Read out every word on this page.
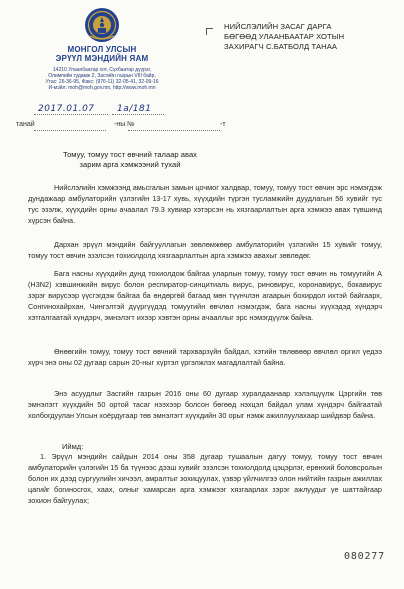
МОНГОЛ УЛСЫН
ЭРҮҮЛ МЭНДИЙН ЯАМ
14210 Улаанбаатар хот, Сүхбаатар дүүрэг,
Олимпийн гудамж 2, Засгийн газрын VIII байр,
Утас: 26-36-95, Факс: (976-11) 32-05-41, 32-09-16
И-мэйл: moh@moh.gov.mn, http://www.moh.mn
НИЙСЛЭЛИЙН ЗАСАГ ДАРГА
БӨГӨӨД УЛААНБААТАР ХОТЫН
ЗАХИРАГЧ С.БАТБОЛД ТАНАА
2017.01.07 1а/181
танай	-ны №	-т
Томуу, томуу тост өвчний талаар авах
зарим арга хэмжээний тухай

Нийслэлийн хэмжээнд амьсгалын замын цочмог халдвар, томуу, томуу тост өвчин эрс нэмэгдэж дундажаар амбулаторийн үзлэгийн 13-17 хувь, хүүхдийн түргэн тусламжийн дуудлагын 56 хувийг тус тус эзэлж, хүүхдийн орны ачаалал 79.3 хувиар хэтэрсэн нь хязгаарлалтын арга хэмжээ авах түвшинд хүрсэн байна.

Дархан эрүүл мэндийн байгууллагын зөвлөмжөөр амбулаторийн үзлэгийн 15 хувийг томуу, томуу тост өвчин эзэлсэн тохиолдолд хязгаарлалтын арга хэмжээ авахыг зөвлөдөг.

Бага насны хүүхдийн дунд тохиолдож байгаа уларлын томуу, томуу тост өвчин нь томуугийн А (H3N2) хэвшинжийн вирус болон респиратор-синцитиаль вирус, риновирус, коронавирус, бокавирус зэрэг вирусээр үүсгэгдэж байгаа ба өндөргөй багаад мөн түүнчлэн агаарын бохирдол ихтэй байгаарх, Сонгинохайрхан, Чингэлтэй дүүргүүдэд томуугийн өвчлөл нэмэгдэж, бага насны хүүхэдэд хүндэрч хэтгалгаатай хүндэрч, эмнэлэгт ихээр хэвтэн орны ачааллыг эрс нэмэгдүүлж байна.

Өнөөгийн томуу, томуу тост өвчний тархварзүйн байдал, хэтийн төлөвөөр өвчлөл оргил үедээ хүрч энэ оны 02 дугаар сарын 20-ныг хүртэл үргэлжлэх магадлалтай байна.

Энэ асуудлыг Засгийн газрын 2016 оны 60 дугаар хуралдаанаар хэлэлцүүлж Цэргийн төв эмнэлэгт хүүхдийн 50 ортой тасаг нээхээр болсон бөгөөд нэхцэл байдал улам хүндэрч байгаатай холбогдуулан Улсын хоёрдугаар төв эмнэлэгт хүүхдийн 30 орыг нэмж ажиллуулахаар шийдвэр байна.

Иймд:

1. Эрүүл мэндийн сайдын 2014 оны 358 дугаар тушаалын дагуу томуу, томуу тост өвчин амбулаторийн үзлэгийн 15 ба түүнээс дээш хувийг эзэлсэн тохиолдолд цэцэрлэг, ерөнхий боловсролын болон их дээд сургуулийн хичээл, амралтыг зохицуулах, үзвэр үйлчилгээ олон нийтийн газрын ажиллах цагийг богиносгох, хаах, олныг хамарсан арга хэмжээг хязгаарлах зэрэг ажлуудыг үе шаттайгаар зохион байгуулах;

080277
